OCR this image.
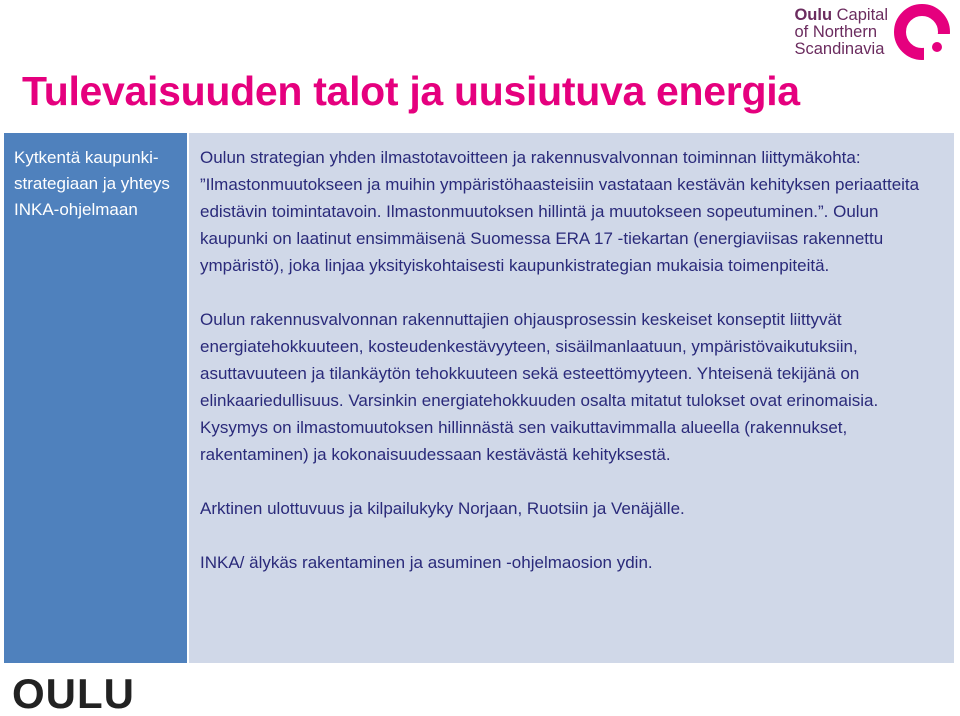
Oulu Capital
of Northern
Scandinavia
Tulevaisuuden talot ja uusiutuva energia
Kytkentä kaupunki-strategiaan ja yhteys INKA-ohjelmaan

Oulun strategian yhden ilmastotavoitteen ja rakennusvalvonnan toiminnan liittymäkohta: ”Ilmastonmuutokseen ja muihin ympäristöhaasteisiin vastataan kestävän kehityksen periaatteita edistävin toimintatavoin. Ilmastonmuutoksen hillintä ja muutokseen sopeutuminen.”. Oulun kaupunki on laatinut ensimmäisenä Suomessa ERA 17 -tiekartan (energiaviisas rakennettu ympäristö), joka linjaa yksityiskohtaisesti kaupunkistrategian mukaisia toimenpiteitä.

Oulun rakennusvalvonnan rakennuttajien ohjausprosessin keskeiset konseptit liittyvät energiatehokkuuteen, kosteudenkestävyyteen, sisäilmanlaatuun, ympäristövaikutuksiin, asuttavuuteen ja tilankäytön tehokkuuteen sekä esteettömyyteen. Yhteisenä tekijänä on elinkaariedullisuus. Varsinkin energiatehokkuuden osalta mitatut tulokset ovat erinomaisia. Kysymys on ilmastomuutoksen hillinnästä sen vaikuttavimmalla alueella (rakennukset, rakentaminen) ja kokonaisuudessaan kestävästä kehityksestä.

Arktinen ulottuvuus ja kilpailukyky Norjaan, Ruotsiin ja Venäjälle.

INKA/ älykäs rakentaminen ja asuminen -ohjelmaosion ydin.

OULU
